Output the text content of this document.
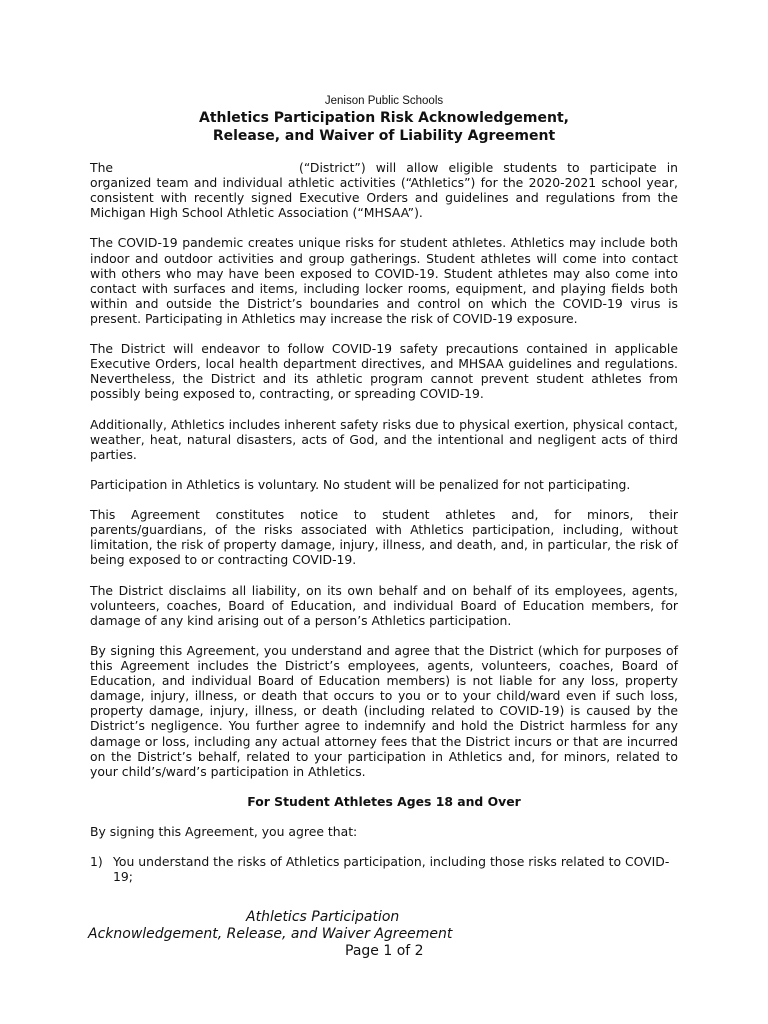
Jenison Public Schools
Athletics Participation Risk Acknowledgement,
Release, and Waiver of Liability Agreement

The	(“District”) will allow eligible students to participate in organized team and individual athletic activities (“Athletics”) for the 2020-2021 school year, consistent with recently signed Executive Orders and guidelines and regulations from the Michigan High School Athletic Association (“MHSAA”).

The COVID-19 pandemic creates unique risks for student athletes. Athletics may include both indoor and outdoor activities and group gatherings. Student athletes will come into contact with others who may have been exposed to COVID-19. Student athletes may also come into contact with surfaces and items, including locker rooms, equipment, and playing fields both within and outside the District’s boundaries and control on which the COVID-19 virus is present. Participating in Athletics may increase the risk of COVID-19 exposure.

The District will endeavor to follow COVID-19 safety precautions contained in applicable Executive Orders, local health department directives, and MHSAA guidelines and regulations. Nevertheless, the District and its athletic program cannot prevent student athletes from possibly being exposed to, contracting, or spreading COVID-19.

Additionally, Athletics includes inherent safety risks due to physical exertion, physical contact, weather, heat, natural disasters, acts of God, and the intentional and negligent acts of third parties.

Participation in Athletics is voluntary. No student will be penalized for not participating.

This Agreement constitutes notice to student athletes and, for minors, their parents/guardians, of the risks associated with Athletics participation, including, without limitation, the risk of property damage, injury, illness, and death, and, in particular, the risk of being exposed to or contracting COVID-19.

The District disclaims all liability, on its own behalf and on behalf of its employees, agents, volunteers, coaches, Board of Education, and individual Board of Education members, for damage of any kind arising out of a person’s Athletics participation.

By signing this Agreement, you understand and agree that the District (which for purposes of this Agreement includes the District’s employees, agents, volunteers, coaches, Board of Education, and individual Board of Education members) is not liable for any loss, property damage, injury, illness, or death that occurs to you or to your child/ward even if such loss, property damage, injury, illness, or death (including related to COVID-19) is caused by the District’s negligence. You further agree to indemnify and hold the District harmless for any damage or loss, including any actual attorney fees that the District incurs or that are incurred on the District’s behalf, related to your participation in Athletics and, for minors, related to your child’s/ward’s participation in Athletics.

For Student Athletes Ages 18 and Over

By signing this Agreement, you agree that:

1) You understand the risks of Athletics participation, including those risks related to COVID-19;
Athletics Participation
Acknowledgement, Release, and Waiver Agreement
Page 1 of 2
